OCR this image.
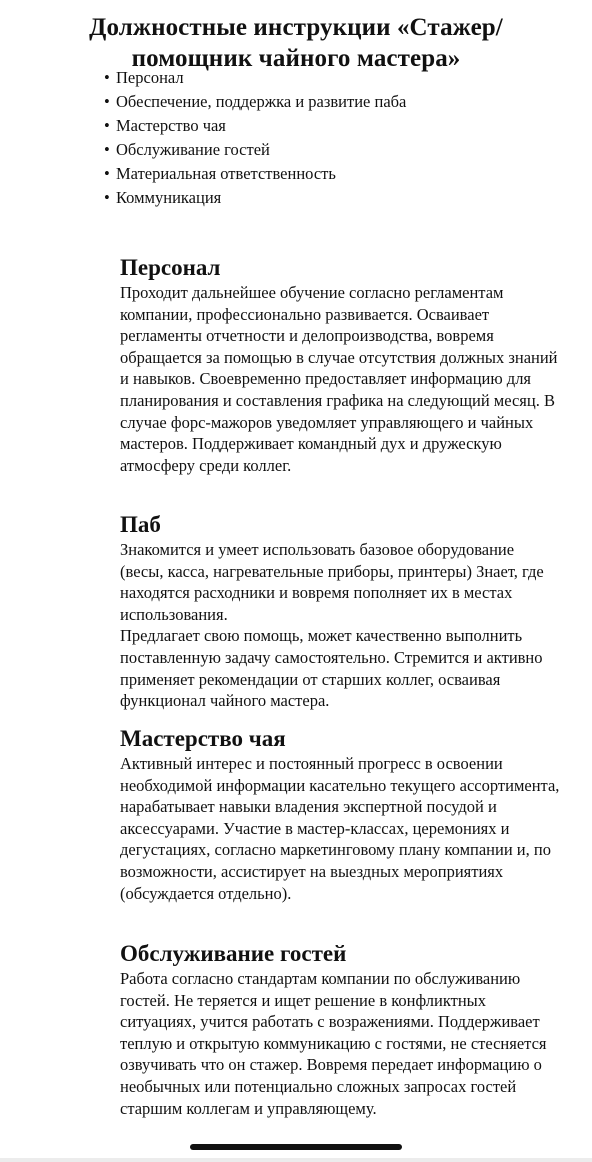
Должностные инструкции «Стажер/ помощник чайного мастера»
• Персонал
• Обеспечение, поддержка и развитие паба
• Мастерство чая
• Обслуживание гостей
• Материальная ответственность
• Коммуникация
Персонал

Проходит дальнейшее обучение согласно регламентам компании, профессионально развивается. Осваивает регламенты отчетности и делопроизводства, вовремя обращается за помощью в случае отсутствия должных знаний и навыков. Своевременно предоставляет информацию для планирования и составления графика на следующий месяц. В случае форс-мажоров уведомляет управляющего и чайных мастеров. Поддерживает командный дух и дружескую атмосферу среди коллег.

Паб

Знакомится и умеет использовать базовое оборудование (весы, касса, нагревательные приборы, принтеры) Знает, где находятся расходники и вовремя пополняет их в местах использования.

Предлагает свою помощь, может качественно выполнить поставленную задачу самостоятельно. Стремится и активно применяет рекомендации от старших коллег, осваивая функционал чайного мастера.

Мастерство чая

Активный интерес и постоянный прогресс в освоении необходимой информации касательно текущего ассортимента, нарабатывает навыки владения экспертной посудой и аксессуарами. Участие в мастер-классах, церемониях и дегустациях, согласно маркетинговому плану компании и, по возможности, ассистирует на выездных мероприятиях (обсуждается отдельно).

Обслуживание гостей

Работа согласно стандартам компании по обслуживанию гостей. Не теряется и ищет решение в конфликтных ситуациях, учится работать с возражениями. Поддерживает теплую и открытую коммуникацию с гостями, не стесняется озвучивать что он стажер. Вовремя передает информацию о необычных или потенциально сложных запросах гостей старшим коллегам и управляющему.
